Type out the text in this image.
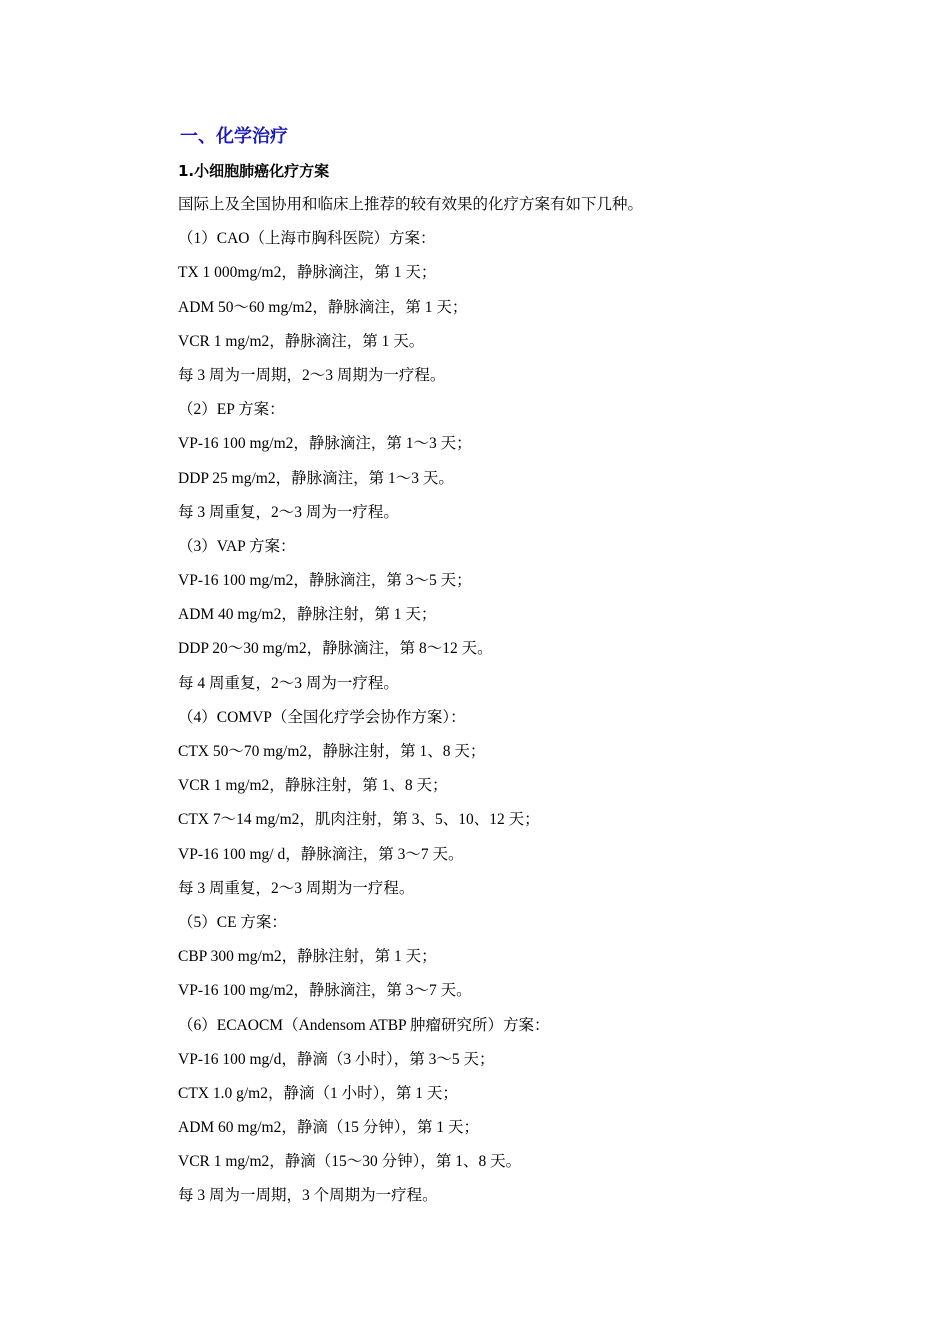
一、化学治疗
1.小细胞肺癌化疗方案

国际上及全国协用和临床上推荐的较有效果的化疗方案有如下几种。

（1）CAO（上海市胸科医院）方案：

TX 1 000mg/m2，静脉滴注，第 1 天；

ADM 50～60 mg/m2，静脉滴注，第 1 天；

VCR 1 mg/m2，静脉滴注，第 1 天。

每 3 周为一周期，2～3 周期为一疗程。

（2）EP 方案：

VP-16 100 mg/m2，静脉滴注，第 1～3 天；

DDP 25 mg/m2，静脉滴注，第 1～3 天。

每 3 周重复，2～3 周为一疗程。

（3）VAP 方案：

VP-16 100 mg/m2，静脉滴注，第 3～5 天；

ADM 40 mg/m2，静脉注射，第 1 天；

DDP 20～30 mg/m2，静脉滴注，第 8～12 天。

每 4 周重复，2～3 周为一疗程。

（4）COMVP（全国化疗学会协作方案）：

CTX 50～70 mg/m2，静脉注射，第 1、8 天；

VCR 1 mg/m2，静脉注射，第 1、8 天；

CTX 7～14 mg/m2，肌肉注射，第 3、5、10、12 天；

VP-16 100 mg/ d，静脉滴注，第 3～7 天。

每 3 周重复，2～3 周期为一疗程。

（5）CE 方案：

CBP 300 mg/m2，静脉注射，第 1 天；

VP-16 100 mg/m2，静脉滴注，第 3～7 天。

（6）ECAOCM（Andensom ATBP 肿瘤研究所）方案：

VP-16 100 mg/d，静滴（3 小时），第 3～5 天；

CTX 1.0 g/m2，静滴（1 小时），第 1 天；

ADM 60 mg/m2，静滴（15 分钟），第 1 天；

VCR 1 mg/m2，静滴（15～30 分钟），第 1、8 天。

每 3 周为一周期，3 个周期为一疗程。
